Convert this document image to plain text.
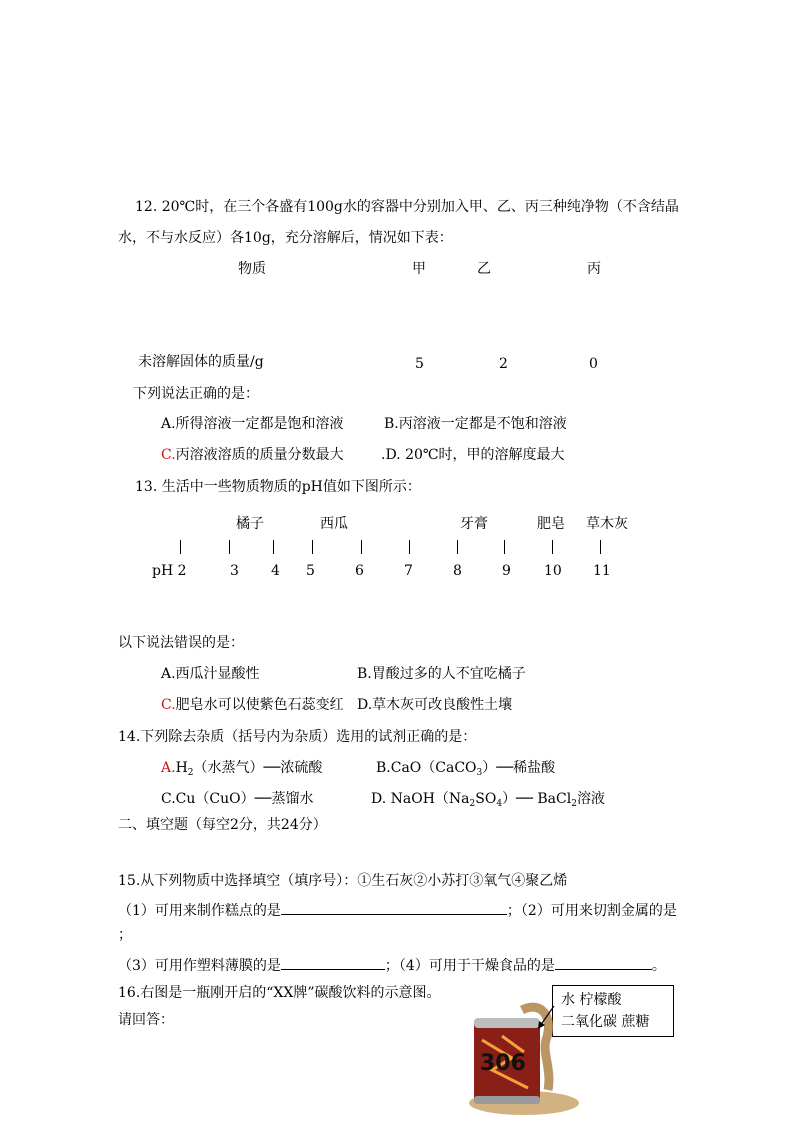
12. 20℃时，在三个各盛有100g水的容器中分别加入甲、乙、丙三种纯净物（不含结晶
水，不与水反应）各10g，充分溶解后，情况如下表：
物质	甲	乙	丙
未溶解固体的质量/g	5	2	0
下列说法正确的是：
A.所得溶液一定都是饱和溶液	B.丙溶液一定都是不饱和溶液
C.丙溶液溶质的质量分数最大	.D. 20℃时，甲的溶解度最大
13. 生活中一些物质物质的pH值如下图所示：
橘子	西瓜	牙膏	肥皂 草木灰
pH 2	3 4 5	6	7	8	9 10 11
以下说法错误的是：
A.西瓜汁显酸性	B.胃酸过多的人不宜吃橘子
C.肥皂水可以使紫色石蕊变红 D.草木灰可改良酸性土壤
14.下列除去杂质（括号内为杂质）选用的试剂正确的是：
$A.H_2$（水蒸气）──浓硫酸	B.CaO（CaCO$_3$）──稀盐酸
C.Cu（CuO）──蒸馏水	D. $NaOH(Na_2SO_4)──$ BaCl$_2$溶液
二、填空题（每空2分，共24分）
15.从下列物质中选择填空（填序号）：①生石灰②小苏打③氧气④聚乙烯
（1）可用来制作糕点的是	；（2）可用来切割金属的是
；
（3）可用作塑料薄膜的是	；（4）可用于干燥食品的是	。
16.右图是一瓶刚开启的“XX牌”碳酸饮料的示意图。
请回答：
水 柠檬酸
二氧化碳 蔗糖
306
